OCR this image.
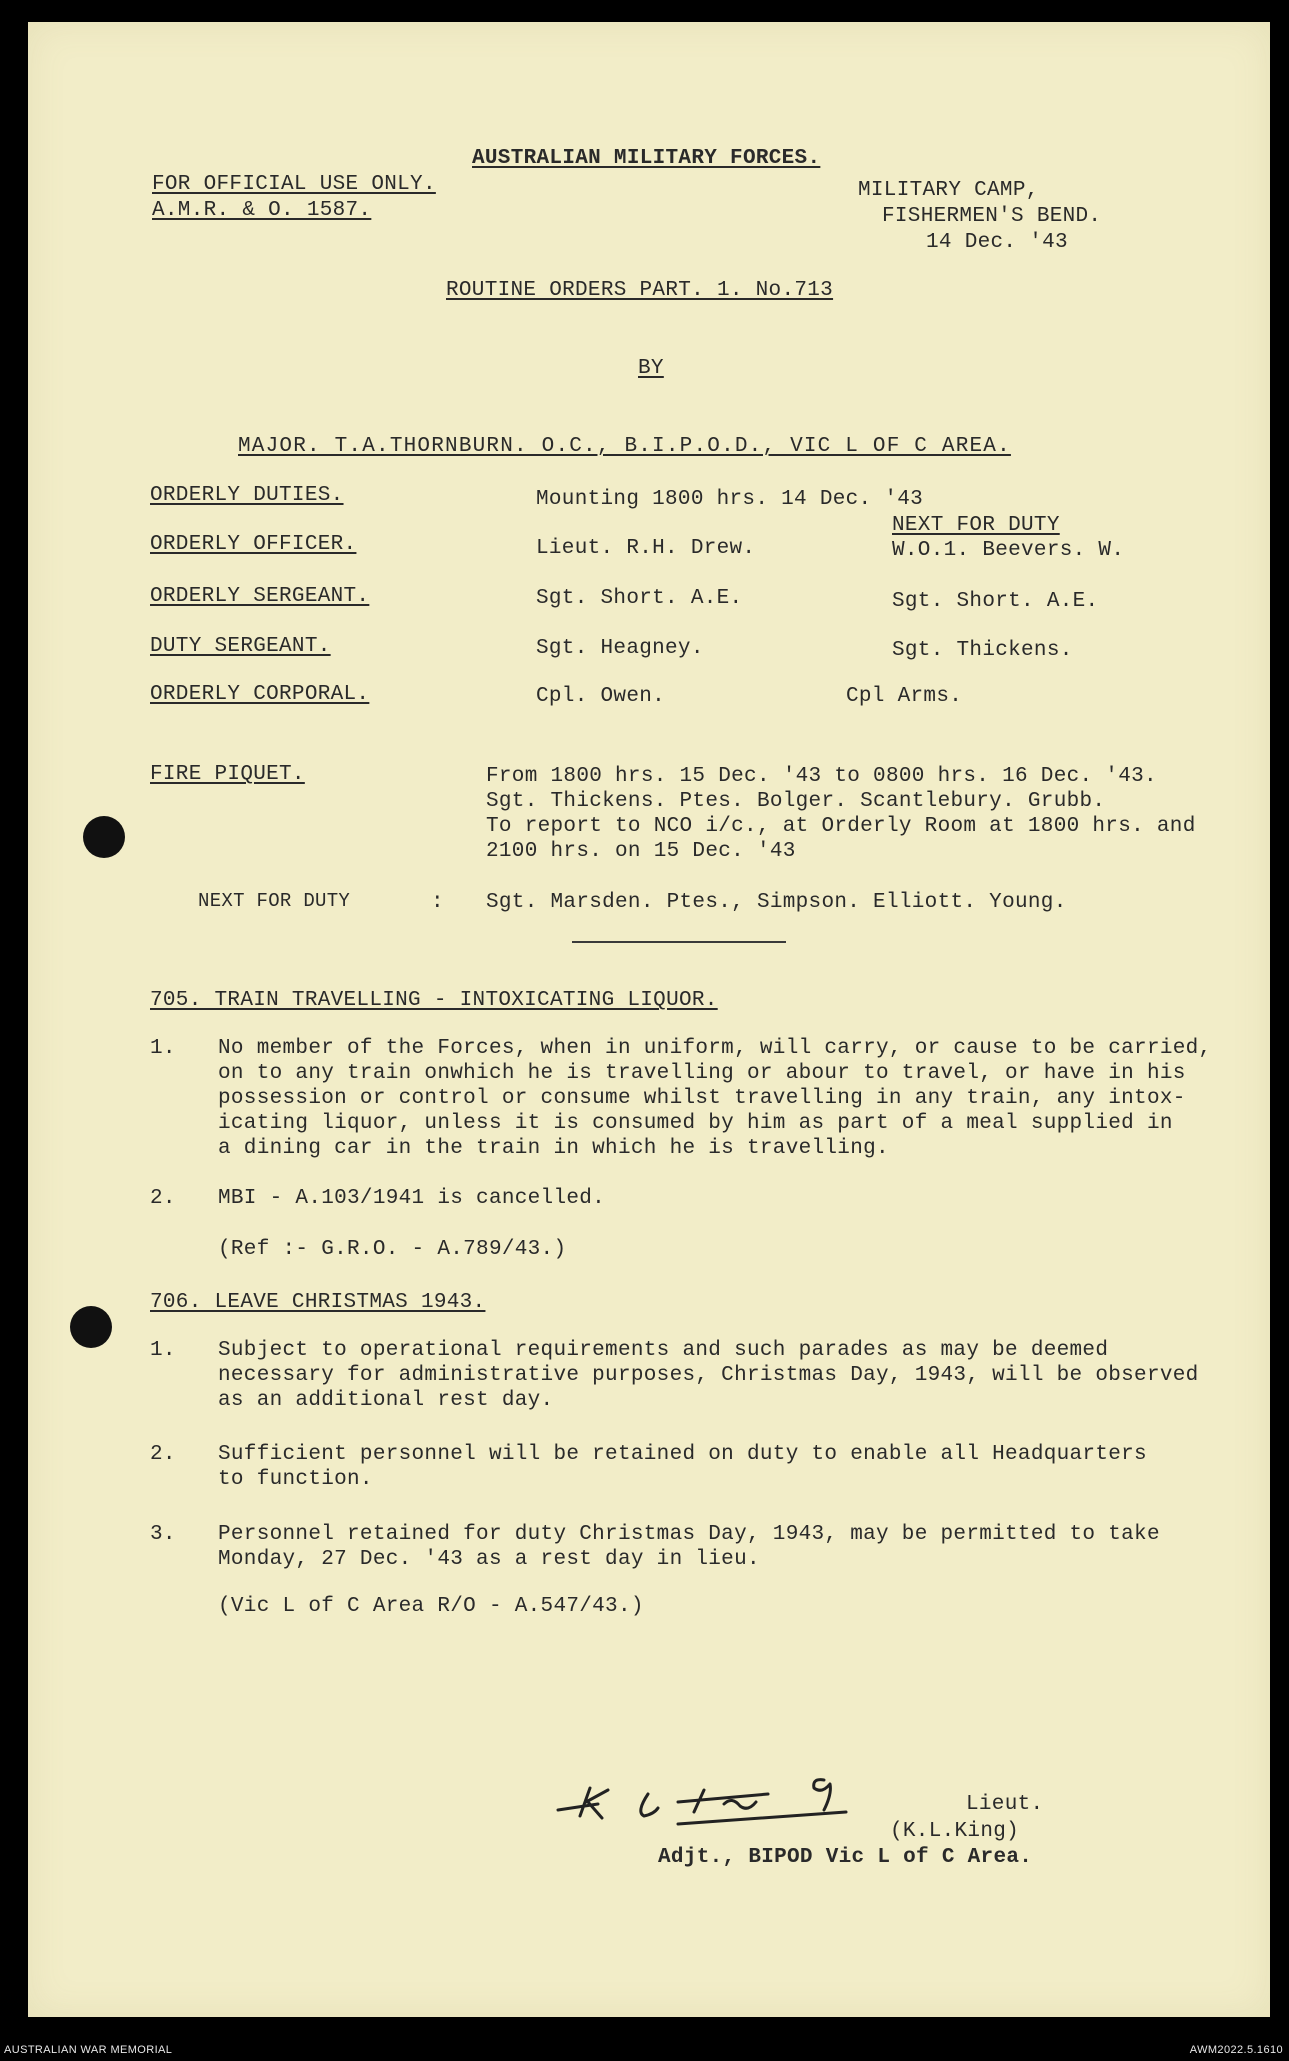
AUSTRALIAN MILITARY FORCES.
FOR OFFICIAL USE ONLY.
A.M.R. & O. 1587.
MILITARY CAMP,
FISHERMEN'S BEND.
14 Dec. '43
ROUTINE ORDERS PART. 1. No.713
BY
MAJOR. T.A.THORNBURN. O.C., B.I.P.O.D., VIC L OF C AREA.
ORDERLY DUTIES.	Mounting 1800 hrs. 14 Dec. '43
NEXT FOR DUTY
ORDERLY OFFICER.	Lieut. R.H. Drew.	W.O.1. Beevers. W.
ORDERLY SERGEANT.	Sgt. Short. A.E.	Sgt. Short. A.E.
DUTY SERGEANT.	Sgt. Heagney.	Sgt. Thickens.
ORDERLY CORPORAL.	Cpl. Owen.	Cpl Arms.
FIRE PIQUET.	From 1800 hrs. 15 Dec. '43 to 0800 hrs. 16 Dec. '43.
Sgt. Thickens. Ptes. Bolger. Scantlebury. Grubb.
To report to NCO i/c., at Orderly Room at 1800 hrs. and
2100 hrs. on 15 Dec. '43
NEXT FOR DUTY	: Sgt. Marsden. Ptes., Simpson. Elliott. Young.
705. TRAIN TRAVELLING - INTOXICATING LIQUOR.
1. No member of the Forces, when in uniform, will carry, or cause to be carried,
on to any train onwhich he is travelling or abour to travel, or have in his
possession or control or consume whilst travelling in any train, any intox-
icating liquor, unless it is consumed by him as part of a meal supplied in
a dining car in the train in which he is travelling.
2. MBI - A.103/1941 is cancelled.
(Ref :- G.R.O. - A.789/43.)
706. LEAVE CHRISTMAS 1943.
1. Subject to operational requirements and such parades as may be deemed
necessary for administrative purposes, Christmas Day, 1943, will be observed
as an additional rest day.
2. Sufficient personnel will be retained on duty to enable all Headquarters
to function.
3. Personnel retained for duty Christmas Day, 1943, may be permitted to take
Monday, 27 Dec. '43 as a rest day in lieu.
(Vic L of C Area R/O - A.547/43.)
Lieut.
(K.L.King)
Adjt., BIPOD Vic L of C Area.
AUSTRALIAN WAR MEMORIAL	AWM2022.5.1610
